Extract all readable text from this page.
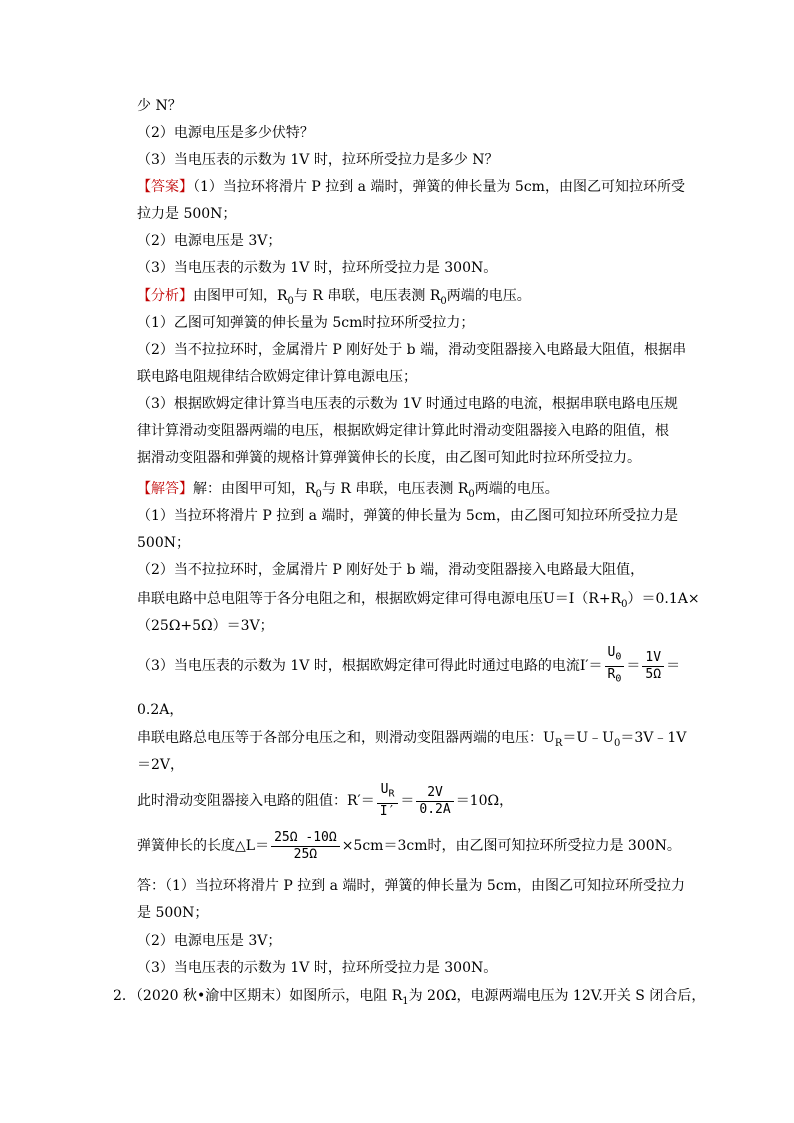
少 N？
（2）电源电压是多少伏特？
（3）当电压表的示数为 1V 时，拉环所受拉力是多少 N？
【答案】（1）当拉环将滑片 P 拉到 a 端时，弹簧的伸长量为 5cm，由图乙可知拉环所受
拉力是 500N；
（2）电源电压是 3V；
（3）当电压表的示数为 1V 时，拉环所受拉力是 300N。
【分析】由图甲可知，$R_0$与 R 串联，电压表测 $R_0$两端的电压。
（1）乙图可知弹簧的伸长量为 5cm时拉环所受拉力；
（2）当不拉拉环时，金属滑片 P 刚好处于 b 端，滑动变阻器接入电路最大阻值，根据串
联电路电阻规律结合欧姆定律计算电源电压；
（3）根据欧姆定律计算当电压表的示数为 1V 时通过电路的电流，根据串联电路电压规
律计算滑动变阻器两端的电压，根据欧姆定律计算此时滑动变阻器接入电路的阻值，根
据滑动变阻器和弹簧的规格计算弹簧伸长的长度，由乙图可知此时拉环所受拉力。
【解答】解：由图甲可知，$R_0$与 R 串联，电压表测 $R_0$两端的电压。
（1）当拉环将滑片 P 拉到 a 端时，弹簧的伸长量为 5cm，由乙图可知拉环所受拉力是
500N；
（2）当不拉拉环时，金属滑片 P 刚好处于 b 端，滑动变阻器接入电路最大阻值，
串联电路中总电阻等于各分电阻之和，根据欧姆定律可得电源电压$U=I(R+R_0)=0.1A\times$
（25Ω+5Ω）＝3V；
（3）当电压表的示数为 1V 时，根据欧姆定律可得此时通过电路的电流$I'= \frac{U_0}{R_0} = \frac{1V}{5\Omega}$ ＝
0.2A，
串联电路总电压等于各部分电压之和，则滑动变阻器两端的电压：$U_R=U﹣U_0=3V﹣1V$
＝2V，
此时滑动变阻器接入电路的阻值：$R'= \frac{U_R}{I'} = \frac{2V}{0.2A} =10\Omega$，
弹簧伸长的长度△L＝ $\frac{25\Omega -10\Omega}{25\Omega} \times 5cm=3cm$时，由乙图可知拉环所受拉力是 300N。
答：（1）当拉环将滑片 P 拉到 a 端时，弹簧的伸长量为 5cm，由图乙可知拉环所受拉力
是 500N；
（2）电源电压是 3V；
（3）当电压表的示数为 1V 时，拉环所受拉力是 300N。
2．（2020 秋•渝中区期末）如图所示，电阻 $R_1$为 20Ω，电源两端电压为 12V.开关 S 闭合后，
